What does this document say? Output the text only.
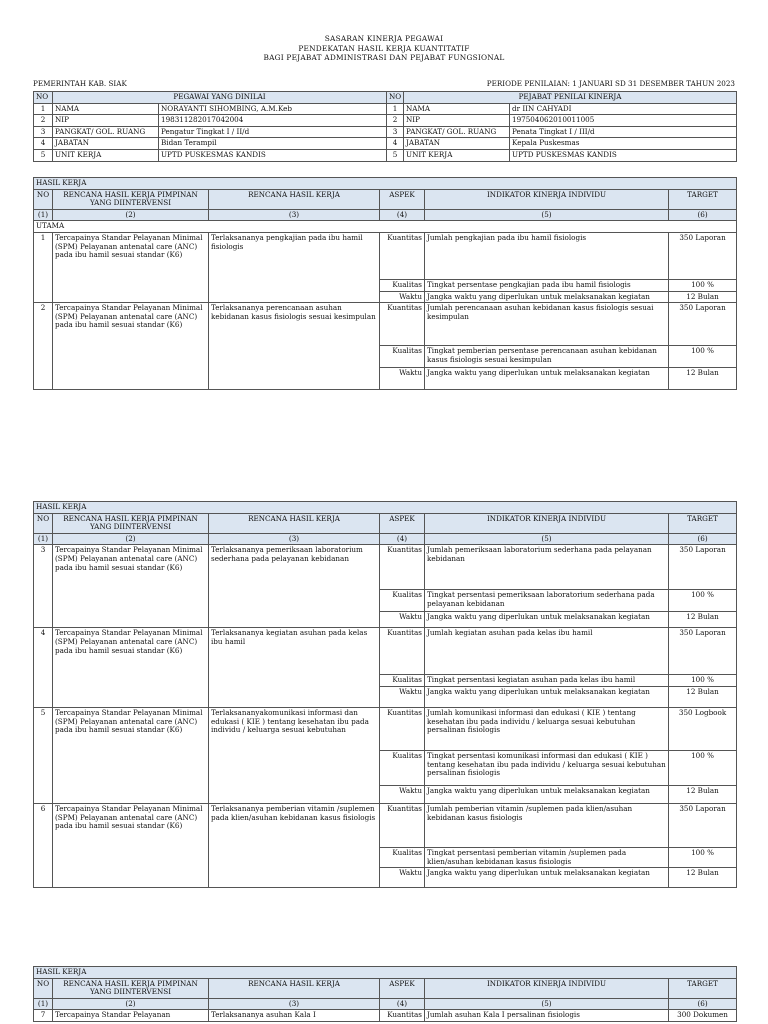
SASARAN KINERJA PEGAWAI
PENDEKATAN HASIL KERJA KUANTITATIF
BAGI PEJABAT ADMINISTRASI DAN PEJABAT FUNGSIONAL
PEMERINTAH KAB. SIAK	PERIODE PENILAIAN: 1 JANUARI SD 31 DESEMBER TAHUN 2023
NO	PEGAWAI YANG DINILAI		NO	PEJABAT PENILAI KINERJA	
1	NAMA	NORAYANTI SIHOMBING, A.M.Keb	1	NAMA	dr IIN CAHYADI
2	NIP	198311282017042004	2	NIP	197504062010011005
3	PANGKAT/ GOL. RUANG	Pengatur Tingkat I / II/d	3	PANGKAT/ GOL. RUANG	Penata Tingkat I / III/d
4	JABATAN	Bidan Terampil	4	JABATAN	Kepala Puskesmas
5	UNIT KERJA	UPTD PUSKESMAS KANDIS	5	UNIT KERJA	UPTD PUSKESMAS KANDIS
HASIL KERJA					
NO	RENCANA HASIL KERJA PIMPINAN YANG DIINTERVENSI	RENCANA HASIL KERJA	ASPEK	INDIKATOR KINERJA INDIVIDU	TARGET
(1)	(2)	(3)	(4)	(5)	(6)
UTAMA					
1	Tercapainya Standar Pelayanan Minimal (SPM) Pelayanan antenatal care (ANC) pada ibu hamil sesuai standar (K6)	Terlaksananya pengkajian pada ibu hamil fisiologis	Kuantitas	Jumlah pengkajian pada ibu hamil fisiologis	350 Laporan
			Kualitas	Tingkat persentase pengkajian pada ibu hamil fisiologis	100 %
			Waktu	Jangka waktu yang diperlukan untuk melaksanakan kegiatan	12 Bulan
2	Tercapainya Standar Pelayanan Minimal (SPM) Pelayanan antenatal care (ANC) pada ibu hamil sesuai standar (K6)	Terlaksananya perencanaan asuhan kebidanan kasus fisiologis sesuai kesimpulan	Kuantitas	Jumlah perencanaan asuhan kebidanan kasus fisiologis sesuai kesimpulan	350 Laporan
			Kualitas	Tingkat pemberian persentase perencanaan asuhan kebidanan kasus fisiologis sesuai kesimpulan	100 %
			Waktu	Jangka waktu yang diperlukan untuk melaksanakan kegiatan	12 Bulan
HASIL KERJA					
NO	RENCANA HASIL KERJA PIMPINAN YANG DIINTERVENSI	RENCANA HASIL KERJA	ASPEK	INDIKATOR KINERJA INDIVIDU	TARGET
(1)	(2)	(3)	(4)	(5)	(6)
3	Tercapainya Standar Pelayanan Minimal (SPM) Pelayanan antenatal care (ANC) pada ibu hamil sesuai standar (K6)	Terlaksananya pemeriksaan laboratorium sederhana pada pelayanan kebidanan	Kuantitas	Jumlah pemeriksaan laboratorium sederhana pada pelayanan kebidanan	350 Laporan
			Kualitas	Tingkat persentasi pemeriksaan laboratorium sederhana pada pelayanan kebidanan	100 %
			Waktu	Jangka waktu yang diperlukan untuk melaksanakan kegiatan	12 Bulan
4	Tercapainya Standar Pelayanan Minimal (SPM) Pelayanan antenatal care (ANC) pada ibu hamil sesuai standar (K6)	Terlaksananya kegiatan asuhan pada kelas ibu hamil	Kuantitas	Jumlah kegiatan asuhan pada kelas ibu hamil	350 Laporan
			Kualitas	Tingkat persentasi kegiatan asuhan pada kelas ibu hamil	100 %
			Waktu	Jangka waktu yang diperlukan untuk melaksanakan kegiatan	12 Bulan
5	Tercapainya Standar Pelayanan Minimal (SPM) Pelayanan antenatal care (ANC) pada ibu hamil sesuai standar (K6)	Terlaksananyakomunikasi informasi dan edukasi ( KIE ) tentang kesehatan ibu pada individu / keluarga sesuai kebutuhan	Kuantitas	Jumlah komunikasi informasi dan edukasi ( KIE ) tentang kesehatan ibu pada individu / keluarga sesuai kebutuhan persalinan fisiologis	350 Logbook
			Kualitas	Tingkat persentasi komunikasi informasi dan edukasi ( KIE ) tentang kesehatan ibu pada individu / keluarga sesuai kebutuhan persalinan fisiologis	100 %
			Waktu	Jangka waktu yang diperlukan untuk melaksanakan kegiatan	12 Bulan
6	Tercapainya Standar Pelayanan Minimal (SPM) Pelayanan antenatal care (ANC) pada ibu hamil sesuai standar (K6)	Terlaksananya pemberian vitamin /suplemen pada klien/asuhan kebidanan kasus fisiologis	Kuantitas	Jumlah pemberian vitamin /suplemen pada klien/asuhan kebidanan kasus fisiologis	350 Laporan
			Kualitas	Tingkat persentasi pemberian vitamin /suplemen pada klien/asuhan kebidanan kasus fisiologis	100 %
			Waktu	Jangka waktu yang diperlukan untuk melaksanakan kegiatan	12 Bulan
HASIL KERJA					
NO	RENCANA HASIL KERJA PIMPINAN YANG DIINTERVENSI	RENCANA HASIL KERJA	ASPEK	INDIKATOR KINERJA INDIVIDU	TARGET
(1)	(2)	(3)	(4)	(5)	(6)
7	Tercapainya Standar Pelayanan	Terlaksananya asuhan Kala I	Kuantitas	Jumlah asuhan Kala I persalinan fisiologis	300 Dokumen
